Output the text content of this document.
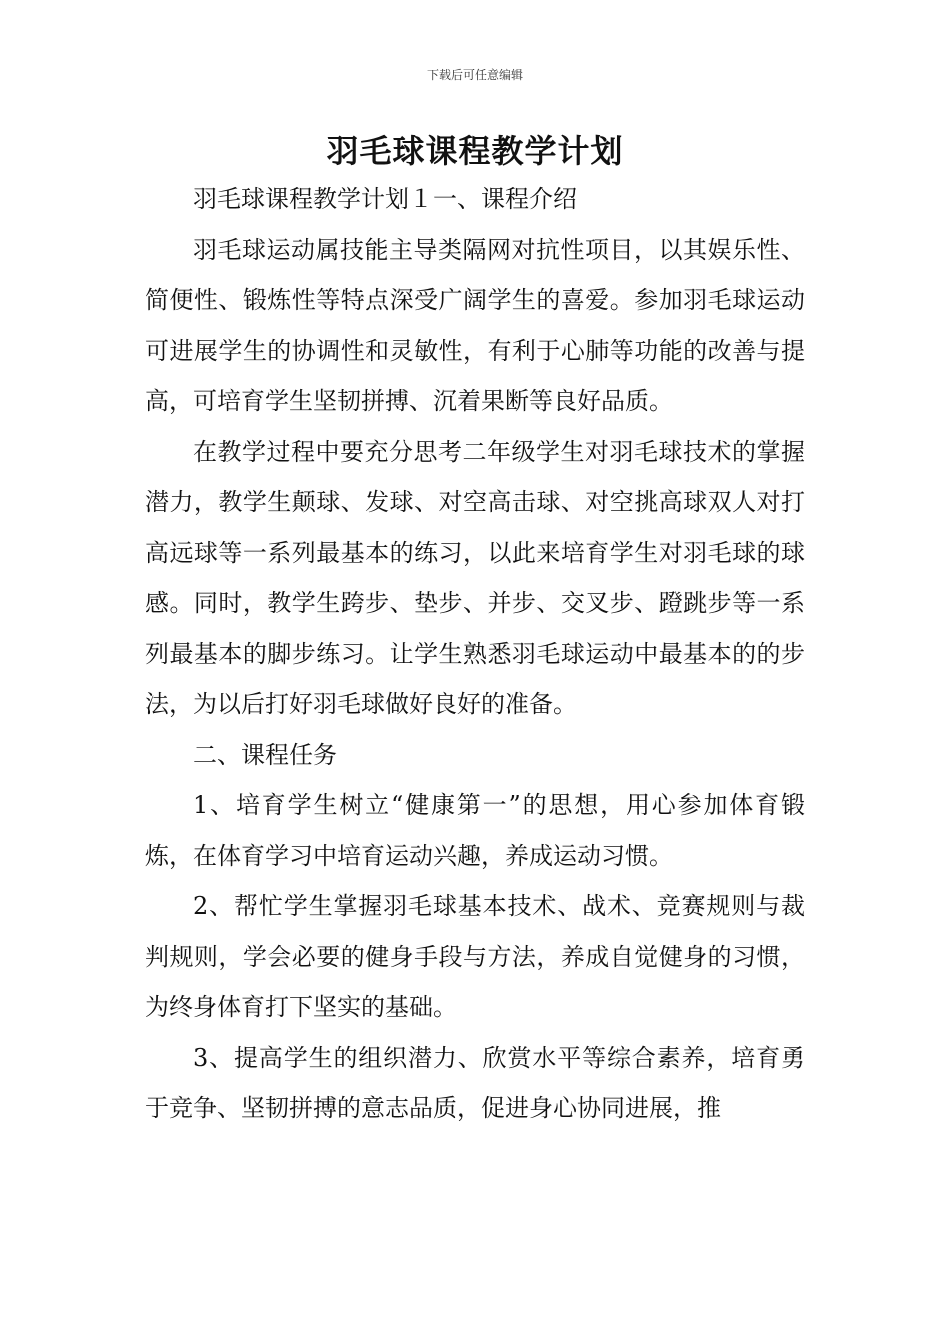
下载后可任意编辑
羽毛球课程教学计划

羽毛球课程教学计划１一、课程介绍

羽毛球运动属技能主导类隔网对抗性项目，以其娱乐性、简便性、锻炼性等特点深受广阔学生的喜爱。参加羽毛球运动可进展学生的协调性和灵敏性，有利于心肺等功能的改善与提高，可培育学生坚韧拼搏、沉着果断等良好品质。

在教学过程中要充分思考二年级学生对羽毛球技术的掌握潜力，教学生颠球、发球、对空高击球、对空挑高球双人对打高远球等一系列最基本的练习，以此来培育学生对羽毛球的球感。同时，教学生跨步、垫步、并步、交叉步、蹬跳步等一系列最基本的脚步练习。让学生熟悉羽毛球运动中最基本的的步法，为以后打好羽毛球做好良好的准备。

二、课程任务

1、培育学生树立“健康第一”的思想，用心参加体育锻炼，在体育学习中培育运动兴趣，养成运动习惯。

2、帮忙学生掌握羽毛球基本技术、战术、竞赛规则与裁判规则，学会必要的健身手段与方法，养成自觉健身的习惯，为终身体育打下坚实的基础。

3、提高学生的组织潜力、欣赏水平等综合素养，培育勇于竞争、坚韧拼搏的意志品质，促进身心协同进展，推
